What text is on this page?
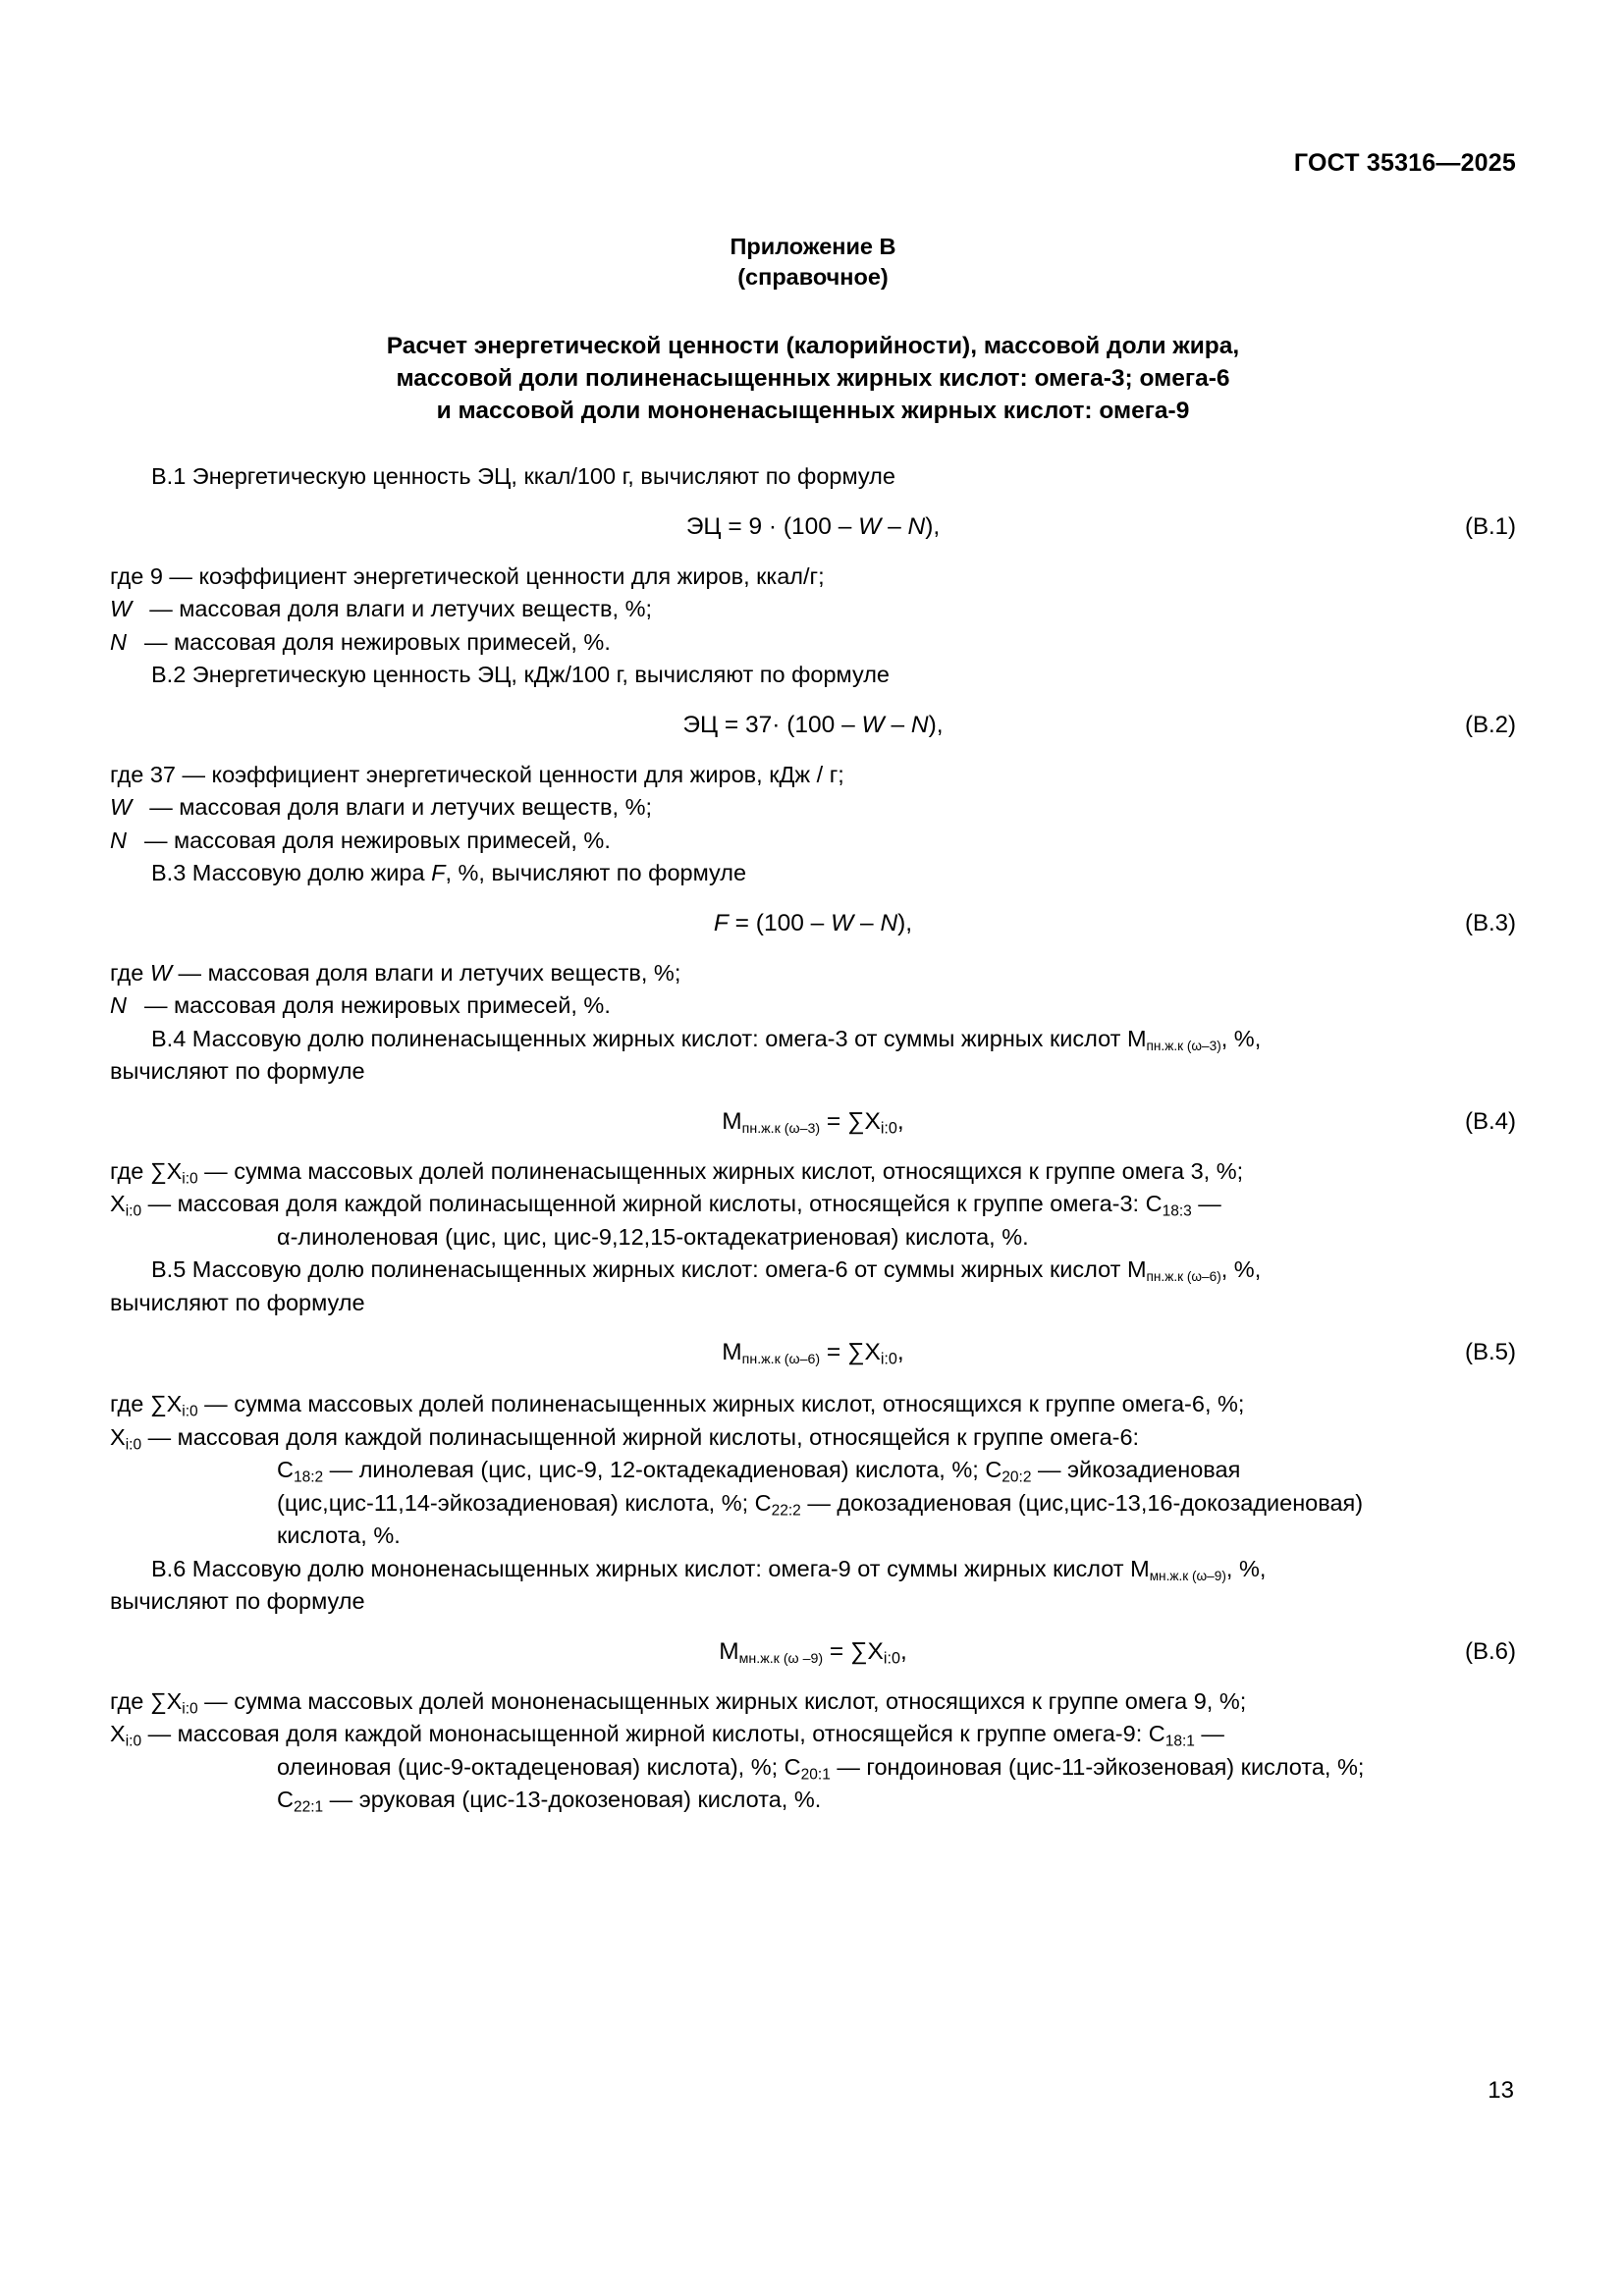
ГОСТ 35316—2025
Приложение В
(справочное)
Расчет энергетической ценности (калорийности), массовой доли жира,
массовой доли полиненасыщенных жирных кислот: омега-3; омега-6
и массовой доли мононенасыщенных жирных кислот: омега-9
В.1 Энергетическую ценность ЭЦ, ккал/100 г, вычисляют по формуле
ЭЦ = 9 · (100 – W – N),	(В.1)
где 9 — коэффициент энергетической ценности для жиров, ккал/г;
W — массовая доля влаги и летучих веществ, %;
N — массовая доля нежировых примесей, %.
В.2 Энергетическую ценность ЭЦ, кДж/100 г, вычисляют по формуле
ЭЦ = 37· (100 – W – N),	(В.2)
где 37 — коэффициент энергетической ценности для жиров, кДж / г;
W — массовая доля влаги и летучих веществ, %;
N — массовая доля нежировых примесей, %.
В.3 Массовую долю жира F, %, вычисляют по формуле
F = (100 – W – N),	(В.3)
где W — массовая доля влаги и летучих веществ, %;
N — массовая доля нежировых примесей, %.
В.4 Массовую долю полиненасыщенных жирных кислот: омега-3 от суммы жирных кислот $M_{пн.ж.к (\omega-3)}$, %,
вычисляют по формуле
$M_{пн.ж.к (\omega-3)} = \sum X_{i:0}$,	(В.4)
где $\sum X_{i:0}$ — сумма массовых долей полиненасыщенных жирных кислот, относящихся к группе омега 3, %;
$X_{i:0}$ — массовая доля каждой полинасыщенной жирной кислоты, относящейся к группе омега-3: $C_{18:3}$ —
α-линоленовая (цис, цис, цис-9,12,15-октадекатриеновая) кислота, %.
В.5 Массовую долю полиненасыщенных жирных кислот: омега-6 от суммы жирных кислот $M_{пн.ж.к (\omega-6)}$, %,
вычисляют по формуле
$M_{пн.ж.к (\omega-6)} = \sum X_{i:0}$,	(В.5)
где $\sum X_{i:0}$ — сумма массовых долей полиненасыщенных жирных кислот, относящихся к группе омега-6, %;
$X_{i:0}$ — массовая доля каждой полинасыщенной жирной кислоты, относящейся к группе омега-6:
$C_{18:2}$ — линолевая (цис, цис-9, 12-октадекадиеновая) кислота, %; $C_{20:2}$ — эйкозадиеновая
(цис,цис-11,14-эйкозадиеновая) кислота, %; $C_{22:2}$ — докозадиеновая (цис,цис-13,16-докозадиеновая)
кислота, %.
В.6 Массовую долю мононенасыщенных жирных кислот: омега-9 от суммы жирных кислот $M_{мн.ж.к (\omega-9)}$, %,
вычисляют по формуле
$M_{мн.ж.к (\omega -9)} = \sum X_{i:0}$,	(В.6)
где $\sum X_{i:0}$ — сумма массовых долей мононенасыщенных жирных кислот, относящихся к группе омега 9, %;
$X_{i:0}$ — массовая доля каждой мононасыщенной жирной кислоты, относящейся к группе омега-9: $C_{18:1}$ —
олеиновая (цис-9-октадеценовая) кислота), %; $C_{20:1}$ — гондоиновая (цис-11-эйкозеновая) кислота, %;
$C_{22:1}$ — эруковая (цис-13-докозеновая) кислота, %.
13
